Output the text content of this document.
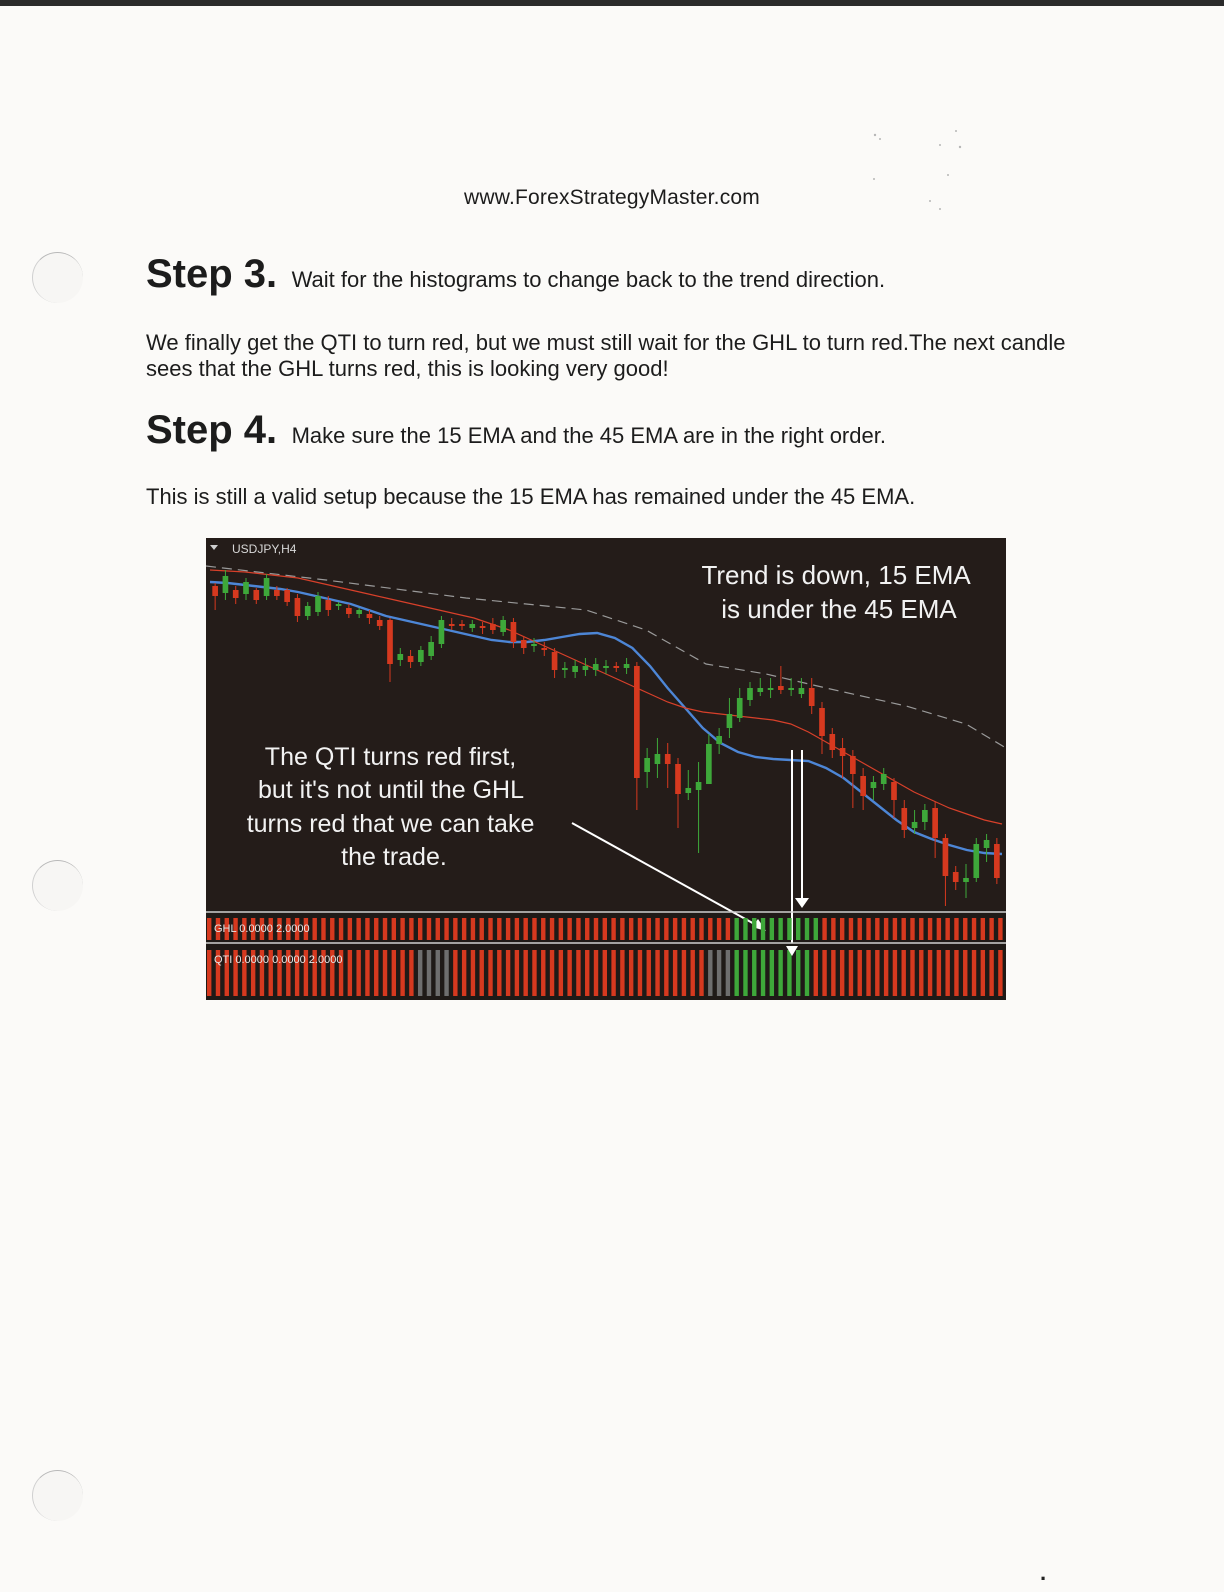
www.ForexStrategyMaster.com
Step 3. Wait for the histograms to change back to the trend direction.
We finally get the QTI to turn red, but we must still wait for the GHL to turn red.The next candle sees that the GHL turns red, this is looking very good!
Step 4. Make sure the 15 EMA and the 45 EMA are in the right order.
This is still a valid setup because the 15 EMA has remained under the 45 EMA.
USDJPY,H4
Trend is down, 15 EMA is under the 45 EMA
The QTI turns red first, but it's not until the GHL turns red that we can take the trade.
GHL 0.0000 2.0000
QTI 0.0000 0.0000 2.0000
·
